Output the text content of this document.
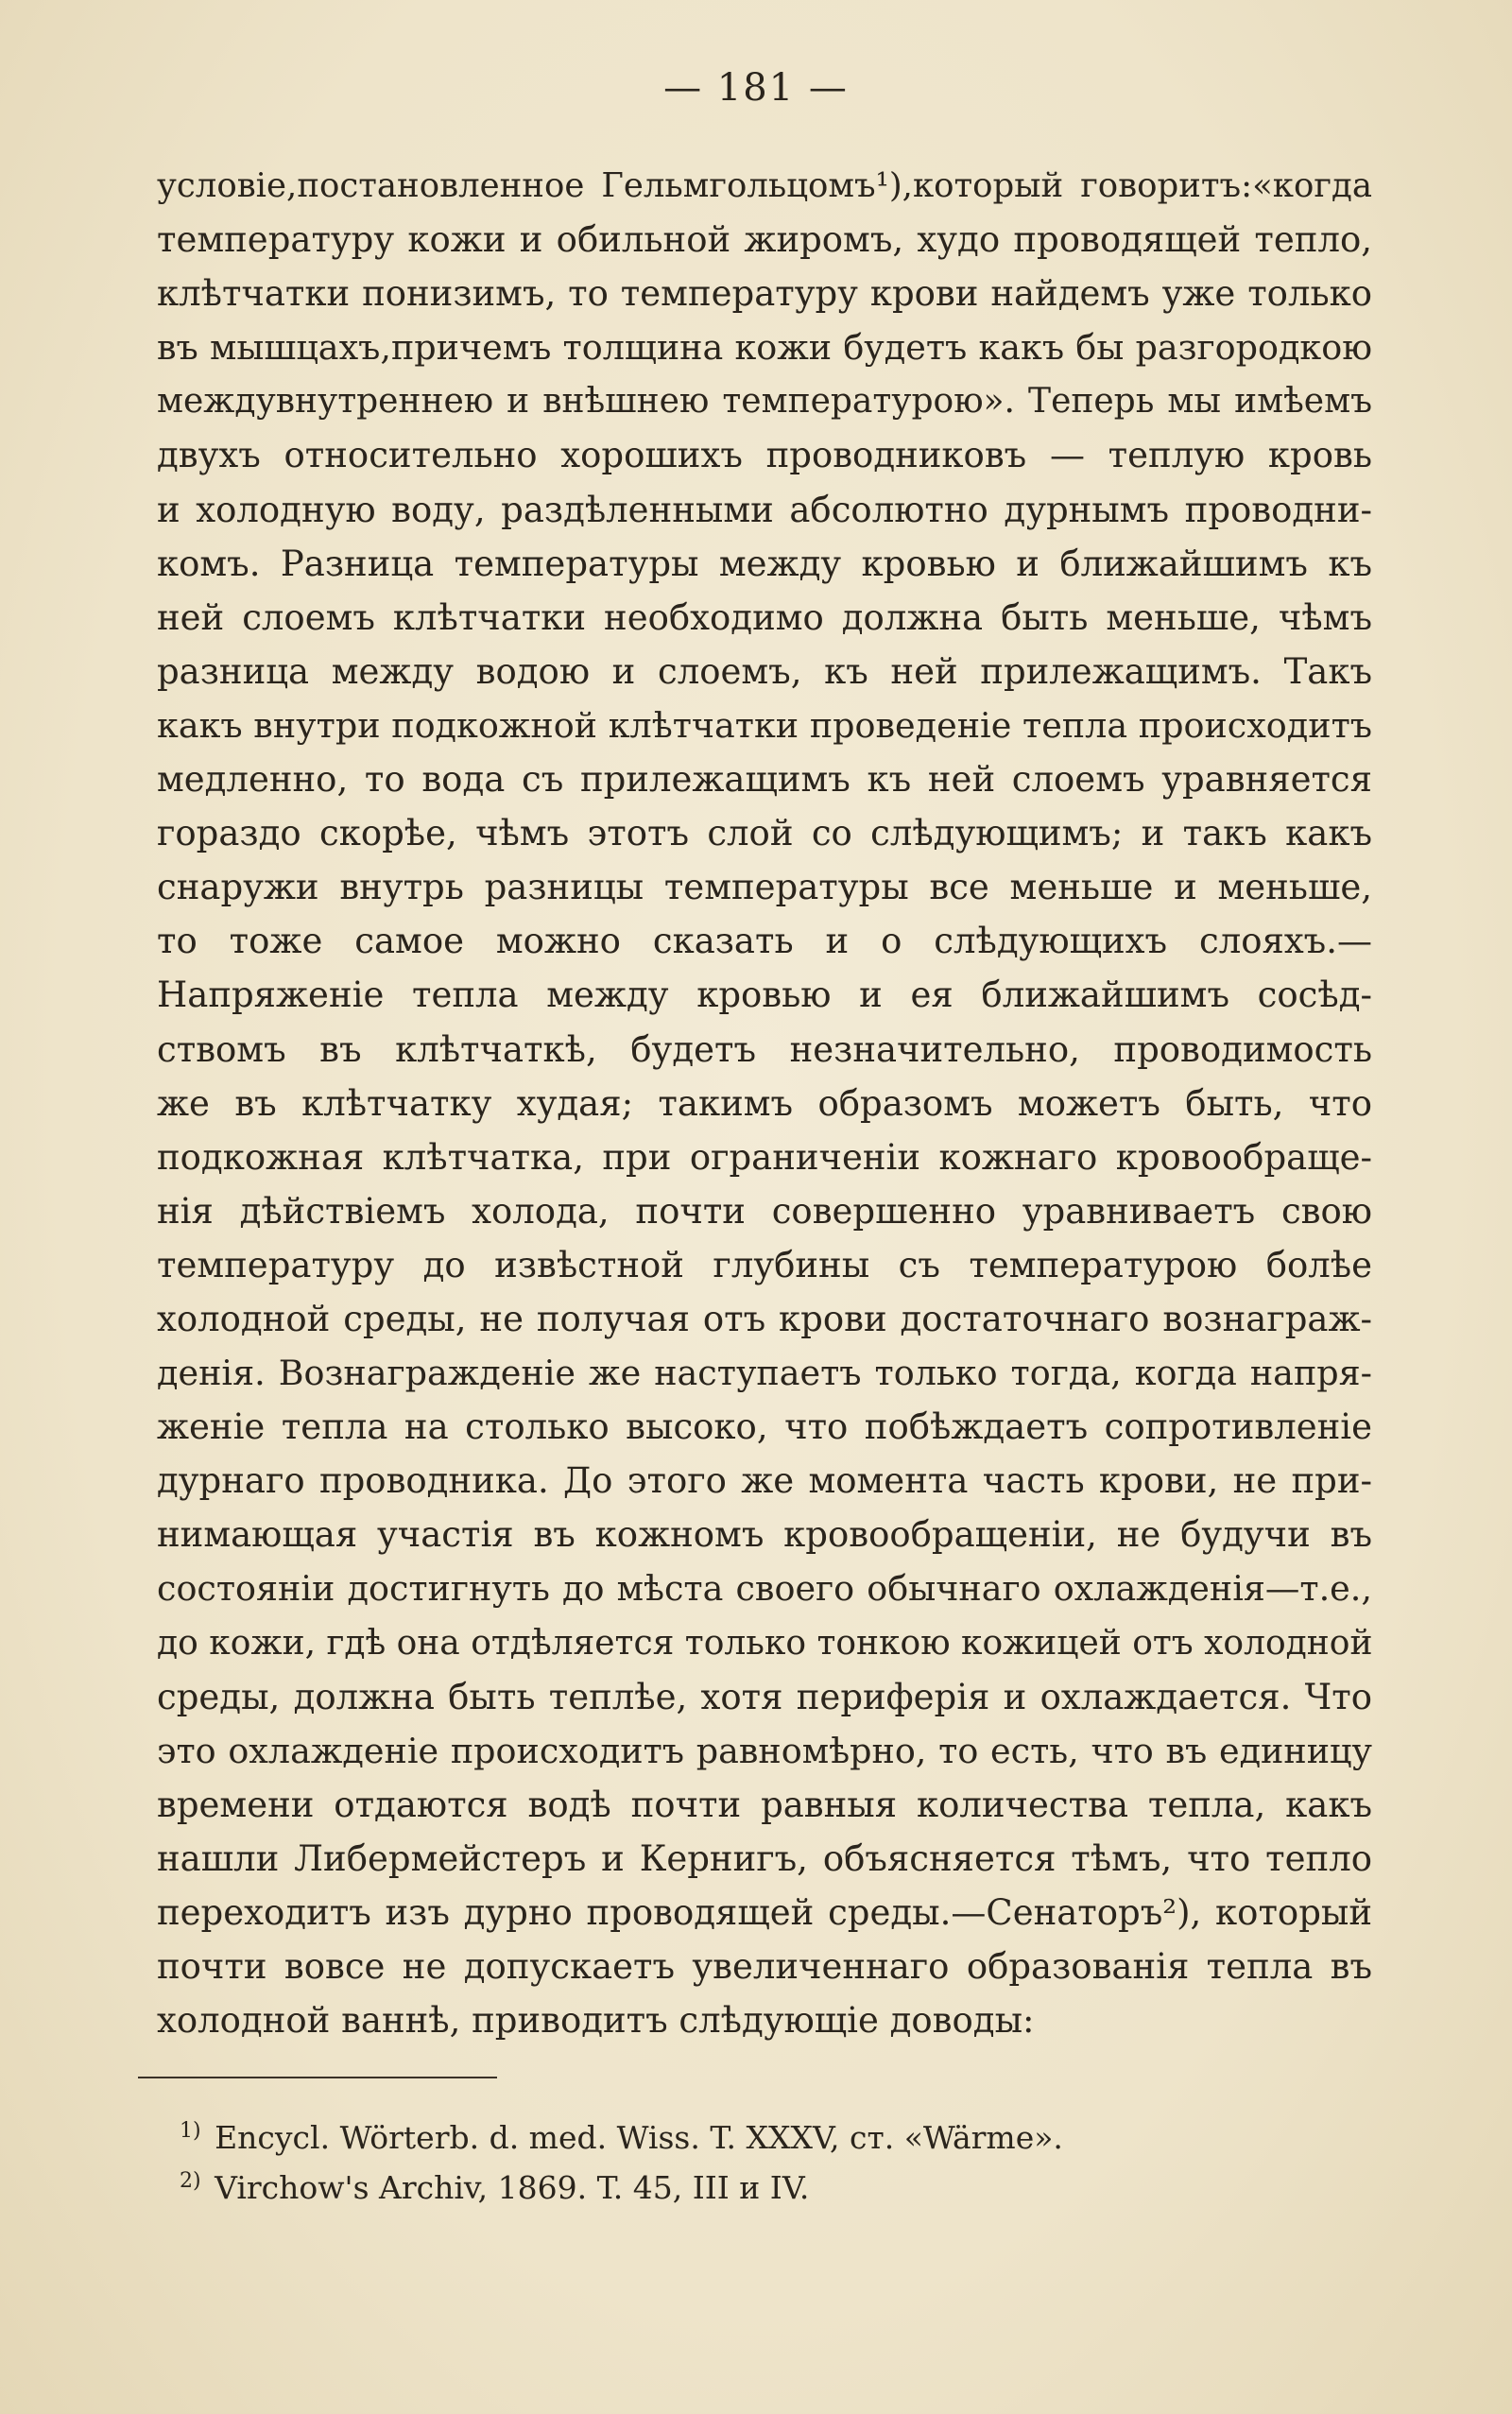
— 181 —
условіе,постановленное Гельмгольцомъ¹),который говоритъ:«когда
температуру кожи и обильной жиромъ, худо проводящей тепло,
клѣтчатки понизимъ, то температуру крови найдемъ уже только
въ мышцахъ,причемъ толщина кожи будетъ какъ бы разгородкою
междувнутреннею и внѣшнею температурою». Теперь мы имѣемъ
двухъ относительно хорошихъ проводниковъ — теплую кровь
и холодную воду, раздѣленными абсолютно дурнымъ проводни-
комъ. Разница температуры между кровью и ближайшимъ къ
ней слоемъ клѣтчатки необходимо должна быть меньше, чѣмъ
разница между водою и слоемъ, къ ней прилежащимъ. Такъ
какъ внутри подкожной клѣтчатки проведеніе тепла происходитъ
медленно, то вода съ прилежащимъ къ ней слоемъ уравняется
гораздо скорѣе, чѣмъ этотъ слой со слѣдующимъ; и такъ какъ
снаружи внутрь разницы температуры все меньше и меньше,
то тоже самое можно сказать и о слѣдующихъ слояхъ.—
Напряженіе тепла между кровью и ея ближайшимъ сосѣд-
ствомъ въ клѣтчаткѣ, будетъ незначительно, проводимость
же въ клѣтчатку худая; такимъ образомъ можетъ быть, что
подкожная клѣтчатка, при ограниченіи кожнаго кровообраще-
нія дѣйствіемъ холода, почти совершенно уравниваетъ свою
температуру до извѣстной глубины съ температурою болѣе
холодной среды, не получая отъ крови достаточнаго вознаграж-
денія. Вознагражденіе же наступаетъ только тогда, когда напря-
женіе тепла на столько высоко, что побѣждаетъ сопротивленіе
дурнаго проводника. До этого же момента часть крови, не при-
нимающая участія въ кожномъ кровообращеніи, не будучи въ
состояніи достигнуть до мѣста своего обычнаго охлажденія—т.е.,
до кожи, гдѣ она отдѣляется только тонкою кожицей отъ холодной
среды, должна быть теплѣе, хотя периферія и охлаждается. Что
это охлажденіе происходитъ равномѣрно, то есть, что въ единицу
времени отдаются водѣ почти равныя количества тепла, какъ
нашли Либермейстеръ и Кернигъ, объясняется тѣмъ, что тепло
переходитъ изъ дурно проводящей среды.—Сенаторъ²), который
почти вовсе не допускаетъ увеличеннаго образованія тепла въ
холодной ваннѣ, приводитъ слѣдующіе доводы:
$^{1)}$ Encycl. Wörterb. d. med. Wiss. T. XXXV, ст. «Wärme».
$^{2)}$ Virchow's Archiv, 1869. T. 45, III и IV.
